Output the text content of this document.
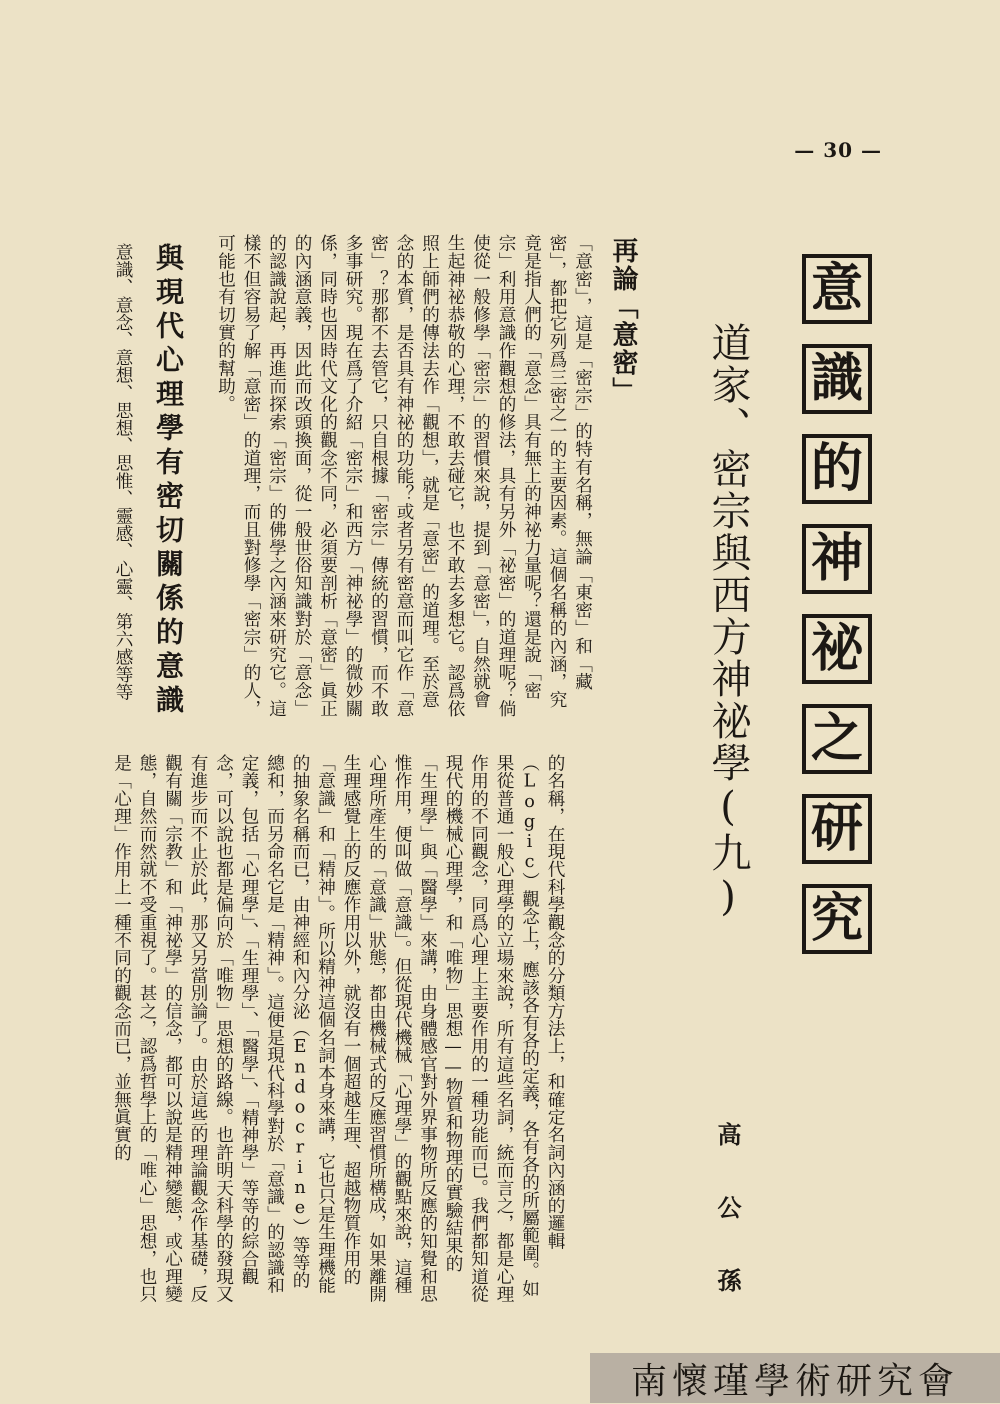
— 30 —
意
識
的
神
祕
之
研
究
道家、密宗與西方神祕學(九)
高 公 孫
再論「意密」

「意密」，這是「密宗」的特有名稱，無論「東密」和「藏密」，都把它列爲三密之一的主要因素。這個名稱的內涵，究竟是指人們的「意念」具有無上的神祕力量呢？還是說「密宗」利用意識作觀想的修法，具有另外「祕密」的道理呢？倘使從一般修學「密宗」的習慣來說，提到「意密」，自然就會生起神祕恭敬的心理，不敢去碰它，也不敢去多想它。認爲依照上師們的傳法去作「觀想」，就是「意密」的道理。至於意念的本質，是否具有神祕的功能？或者另有密意而叫它作「意密」？那都不去管它，只自根據「密宗」傳統的習慣，而不敢多事研究。現在爲了介紹「密宗」和西方「神祕學」的微妙關係，同時也因時代文化的觀念不同，必須要剖析「意密」眞正的內涵意義，因此而改頭換面，從一般世俗知識對於「意念」的認識說起，再進而探索「密宗」的佛學之內涵來研究它。這樣不但容易了解「意密」的道理，而且對修學「密宗」的人，可能也有切實的幫助。

與現代心理學有密切關係的意識
意識、意念、意想、思想、思惟、靈感、心靈、第六感等等

的名稱，在現代科學觀念的分類方法上，和確定名詞內涵的邏輯（Logic）觀念上，應該各有各的定義，各有各的所屬範圍。如果從普通一般心理學的立場來說，所有這些名詞，統而言之，都是心理作用的不同觀念，同爲心理上主要作用的一種功能而已。我們都知道從現代的機械心理學，和「唯物」思想——物質和物理的實驗結果的「生理學」與「醫學」來講，由身體感官對外界事物所反應的知覺和思惟作用，便叫做「意識」。但從現代機械「心理學」的觀點來說，這種心理所產生的「意識」狀態，都由機械式的反應習慣所構成，如果離開生理感覺上的反應作用以外，就沒有一個超越生理、超越物質作用的「意識」和「精神」。所以精神這個名詞本身來講，它也只是生理機能的抽象名稱而已，由神經和內分泌（Endocrine）等等的總和，而另命名它是「精神」。這便是現代科學對於「意識」的認識和定義，包括「心理學」、「生理學」、「醫學」、「精神學」等等的綜合觀念，可以說也都是偏向於「唯物」思想的路線。也許明天科學的發現又有進步而不止於此，那又另當別論了。由於這些的理論觀念作基礎，反觀有關「宗教」和「神祕學」的信念，都可以說是精神變態，或心理變態，自然而然就不受重視了。甚之，認爲哲學上的「唯心」思想，也只是「心理」作用上一種不同的觀念而已，並無眞實的

南懷瑾學術研究會
